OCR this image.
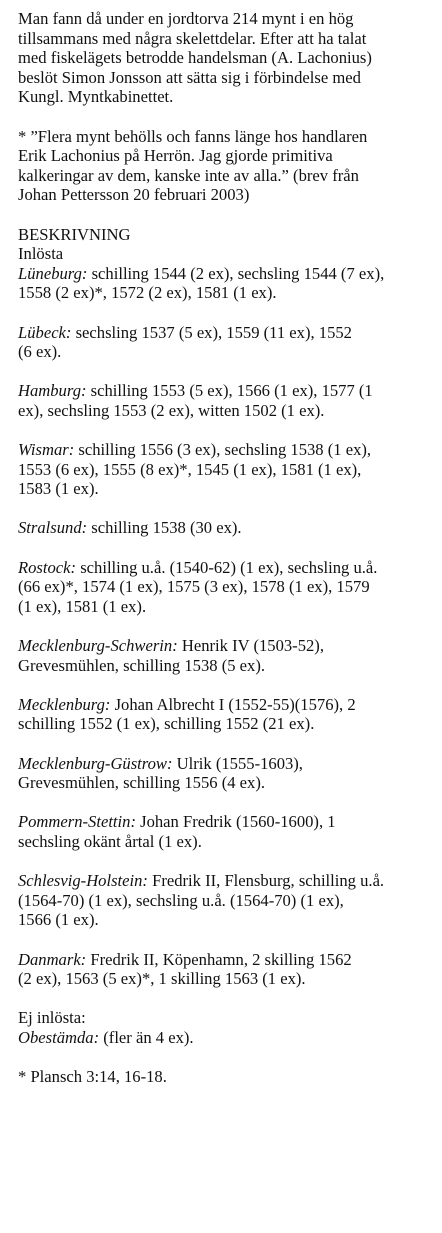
Man fann då under en jordtorva 214 mynt i en hög
tillsammans med några skelettdelar. Efter att ha talat
med fiskelägets betrodde handelsman (A. Lachonius)
beslöt Simon Jonsson att sätta sig i förbindelse med
Kungl. Myntkabinettet.

* ”Flera mynt behölls och fanns länge hos handlaren
Erik Lachonius på Herrön. Jag gjorde primitiva
kalkeringar av dem, kanske inte av alla.” (brev från
Johan Pettersson 20 februari 2003)

BESKRIVNING
Inlösta

Lüneburg: schilling 1544 (2 ex), sechsling 1544 (7 ex),
1558 (2 ex)*, 1572 (2 ex), 1581 (1 ex).

Lübeck: sechsling 1537 (5 ex), 1559 (11 ex), 1552
(6 ex).

Hamburg: schilling 1553 (5 ex), 1566 (1 ex), 1577 (1
ex), sechsling 1553 (2 ex), witten 1502 (1 ex).

Wismar: schilling 1556 (3 ex), sechsling 1538 (1 ex),
1553 (6 ex), 1555 (8 ex)*, 1545 (1 ex), 1581 (1 ex),
1583 (1 ex).

Stralsund: schilling 1538 (30 ex).

Rostock: schilling u.å. (1540-62) (1 ex), sechsling u.å.
(66 ex)*, 1574 (1 ex), 1575 (3 ex), 1578 (1 ex), 1579
(1 ex), 1581 (1 ex).

Mecklenburg-Schwerin: Henrik IV (1503-52),
Grevesmühlen, schilling 1538 (5 ex).

Mecklenburg: Johan Albrecht I (1552-55)(1576), 2
schilling 1552 (1 ex), schilling 1552 (21 ex).

Mecklenburg-Güstrow: Ulrik (1555-1603),
Grevesmühlen, schilling 1556 (4 ex).

Pommern-Stettin: Johan Fredrik (1560-1600), 1
sechsling okänt årtal (1 ex).

Schlesvig-Holstein: Fredrik II, Flensburg, schilling u.å.
(1564-70) (1 ex), sechsling u.å. (1564-70) (1 ex),
1566 (1 ex).

Danmark: Fredrik II, Köpenhamn, 2 skilling 1562
(2 ex), 1563 (5 ex)*, 1 skilling 1563 (1 ex).

Ej inlösta:
Obestämda: (fler än 4 ex).

* Plansch 3:14, 16-18.
